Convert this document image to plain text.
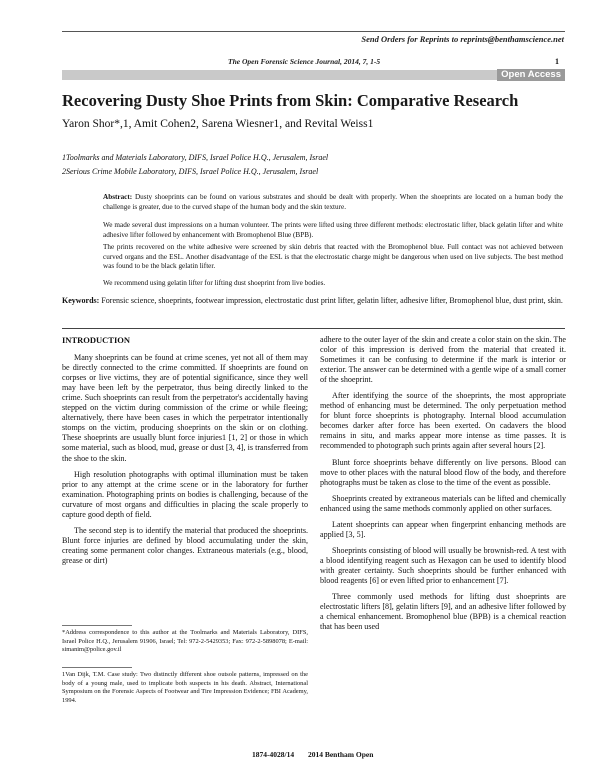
Send Orders for Reprints to reprints@benthamscience.net
The Open Forensic Science Journal, 2014, 7, 1-5	1
Open Access
Recovering Dusty Shoe Prints from Skin: Comparative Research
Yaron Shor*,1, Amit Cohen2, Sarena Wiesner1, and Revital Weiss1
1Toolmarks and Materials Laboratory, DIFS, Israel Police H.Q., Jerusalem, Israel
2Serious Crime Mobile Laboratory, DIFS, Israel Police H.Q., Jerusalem, Israel

Abstract: Dusty shoeprints can be found on various substrates and should be dealt with properly. When the shoeprints are located on a human body the challenge is greater, due to the curved shape of the human body and the skin texture.

We made several dust impressions on a human volunteer. The prints were lifted using three different methods: electrostatic lifter, black gelatin lifter and white adhesive lifter followed by enhancement with Bromophenol Blue (BPB).

The prints recovered on the white adhesive were screened by skin debris that reacted with the Bromophenol blue. Full contact was not achieved between curved organs and the ESL. Another disadvantage of the ESL is that the electrostatic charge might be dangerous when used on live subjects. The best method was found to be the black gelatin lifter.

We recommend using gelatin lifter for lifting dust shoeprint from live bodies.

Keywords: Forensic science, shoeprints, footwear impression, electrostatic dust print lifter, gelatin lifter, adhesive lifter, Bromophenol blue, dust print, skin.
INTRODUCTION

Many shoeprints can be found at crime scenes, yet not all of them may be directly connected to the crime committed. If shoeprints are found on corpses or live victims, they are of potential significance, since they well may have been left by the perpetrator, thus being directly linked to the crime. Such shoeprints can result from the perpetrator's accidentally having stepped on the victim during commission of the crime or while fleeing; alternatively, there have been cases in which the perpetrator intentionally stomps on the victim, producing shoeprints on the skin or on clothing. These shoeprints are usually blunt force injuries1 [1, 2] or those in which some material, such as blood, mud, grease or dust [3, 4], is transferred from the shoe to the skin.

High resolution photographs with optimal illumination must be taken prior to any attempt at the crime scene or in the laboratory for further examination. Photographing prints on bodies is challenging, because of the curvature of most organs and difficulties in placing the scale properly to capture good depth of field.

The second step is to identify the material that produced the shoeprints. Blunt force injuries are defined by blood accumulating under the skin, creating some permanent color changes. Extraneous materials (e.g., blood, grease or dirt)

*Address correspondence to this author at the Toolmarks and Materials Laboratory, DIFS, Israel Police H.Q., Jerusalem 91906, Israel; Tel: 972-2-5429353; Fax: 972-2-5898078; E-mail: simanim@police.gov.il
1Van Dijk, T.M. Case study: Two distinctly different shoe outsole patterns, impressed on the body of a young male, used to implicate both suspects in his death. Abstract, International Symposium on the Forensic Aspects of Footwear and Tire Impression Evidence; FBI Academy, 1994.

adhere to the outer layer of the skin and create a color stain on the skin. The color of this impression is derived from the material that created it. Sometimes it can be confusing to determine if the mark is interior or exterior. The answer can be determined with a gentle wipe of a small corner of the shoeprint.

After identifying the source of the shoeprints, the most appropriate method of enhancing must be determined. The only perpetuation method for blunt force shoeprints is photography. Internal blood accumulation becomes darker after force has been exerted. On cadavers the blood remains in situ, and marks appear more intense as time passes. It is recommended to photograph such prints again after several hours [2].

Blunt force shoeprints behave differently on live persons. Blood can move to other places with the natural blood flow of the body, and therefore photographs must be taken as close to the time of the event as possible.

Shoeprints created by extraneous materials can be lifted and chemically enhanced using the same methods commonly applied on other surfaces.

Latent shoeprints can appear when fingerprint enhancing methods are applied [3, 5].

Shoeprints consisting of blood will usually be brownish-red. A test with a blood identifying reagent such as Hexagon can be used to identify blood with greater certainty. Such shoeprints should be further enhanced with blood reagents [6] or even lifted prior to enhancement [7].

Three commonly used methods for lifting dust shoeprints are electrostatic lifters [8], gelatin lifters [9], and an adhesive lifter followed by a chemical enhancement. Bromophenol blue (BPB) is a chemical reaction that has been used

1874-4028/14 2014 Bentham Open
